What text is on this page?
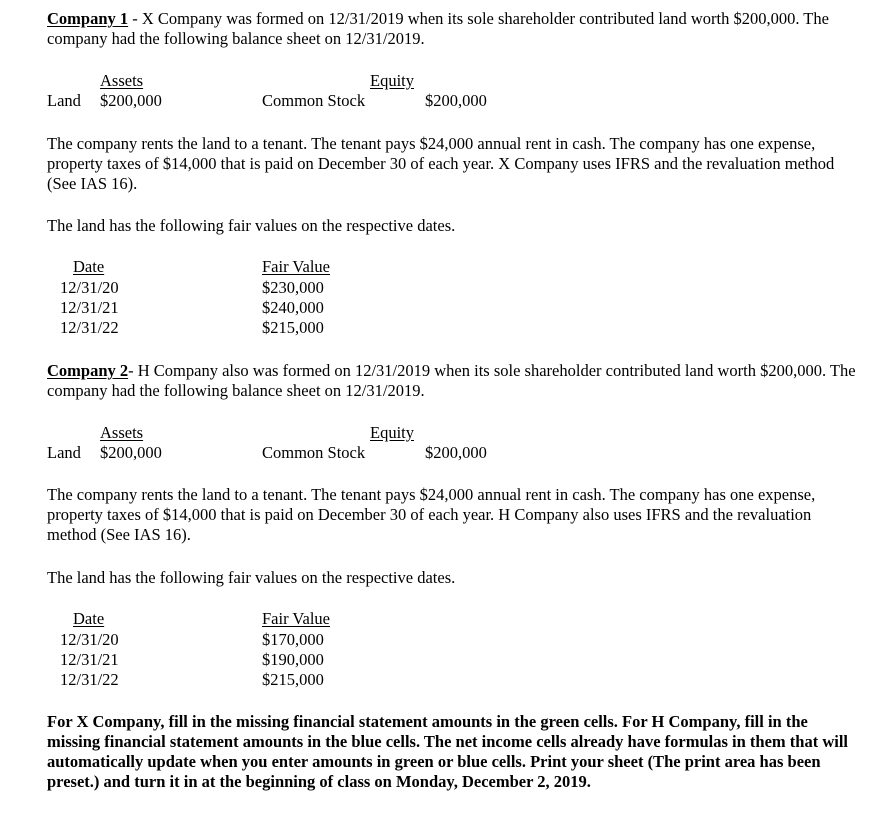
Company 1 - X Company was formed on 12/31/2019 when its sole shareholder contributed land worth $200,000. The company had the following balance sheet on 12/31/2019.
Assets	Equity
Land $200,000	Common Stock	$200,000
The company rents the land to a tenant. The tenant pays $24,000 annual rent in cash. The company has one expense, property taxes of $14,000 that is paid on December 30 of each year. X Company uses IFRS and the revaluation method (See IAS 16).
The land has the following fair values on the respective dates.
Date	Fair Value
12/31/20	$230,000
12/31/21	$240,000
12/31/22	$215,000
Company 2- H Company also was formed on 12/31/2019 when its sole shareholder contributed land worth $200,000. The company had the following balance sheet on 12/31/2019.
Assets	Equity
Land $200,000	Common Stock	$200,000
The company rents the land to a tenant. The tenant pays $24,000 annual rent in cash. The company has one expense, property taxes of $14,000 that is paid on December 30 of each year. H Company also uses IFRS and the revaluation method (See IAS 16).
The land has the following fair values on the respective dates.
Date	Fair Value
12/31/20	$170,000
12/31/21	$190,000
12/31/22	$215,000
For X Company, fill in the missing financial statement amounts in the green cells. For H Company, fill in the missing financial statement amounts in the blue cells. The net income cells already have formulas in them that will automatically update when you enter amounts in green or blue cells. Print your sheet (The print area has been preset.) and turn it in at the beginning of class on Monday, December 2, 2019.
